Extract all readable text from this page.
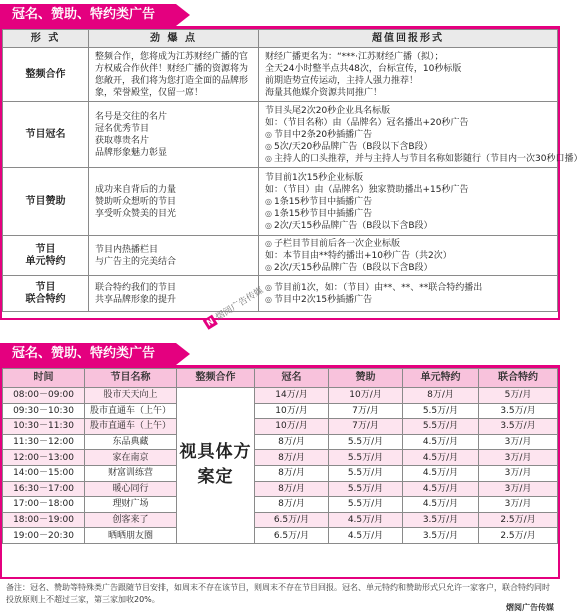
冠名、赞助、特约类广告
形 式	劲 爆 点	超值回报形式
整频合作	整频合作，您将成为江苏财经广播的官
方权威合作伙伴！财经广播的资源将为
您敞开，我们将为您打造全面的品牌形
象，荣誉殿堂，仅留一席！	财经广播更名为：“***·江苏财经广播（拟）；
全天24小时整半点共48次，台标宣传，10秒标版
前期造势宣传运动，主持人强力推荐！
海量其他媒介资源共同推广！

节目冠名	名号是交往的名片
冠名优秀节目
获取尊贵名片
品牌形象魅力彰显	节目头尾2次20秒企业具名标版
如：（节目名称）由（品牌名）冠名播出+20秒广告
◎ 节目中2条20秒插播广告
◎ 5次/天20秒品牌广告（B段以下含B段）
◎ 主持人的口头推荐，并与主持人与节目名称如影随行（节目内一次30秒口播）

节目赞助	成功来自背后的力量
赞助听众想听的节目
享受听众赞美的目光	节目前1次15秒企业标版
如：（节目）由（品牌名）独家赞助播出+15秒广告
◎ 1条15秒节目中插播广告
◎ 1条15秒节目中插播广告
◎ 2次/天15秒品牌广告（B段以下含B段）

节目
单元特约	节目内热播栏目
与广告主的完美结合	◎ 子栏目节目前后各一次企业标版
如：本节目由**特约播出+10秒广告（共2次）
◎ 2次/天15秒品牌广告（B段以下含B段）

节目
联合特约	联合特约我们的节目
共享品牌形象的提升	◎ 节目前1次，如：（节目）由**、**、**联合特约播出
◎ 节目中2次15秒插播广告
冠名、赞助、特约类广告
时间	节目名称	整频合作	冠名	赞助	单元特约	联合特约
08:00－09:00	股市天天向上	视具体方案定	14万/月	10万/月	8万/月	5万/月
09:30－10:30	股市直通车（上午）		10万/月	7万/月	5.5万/月	3.5万/月
10:30－11:30	股市直通车（上午）		10万/月	7万/月	5.5万/月	3.5万/月
11:30－12:00	东品典藏		8万/月	5.5万/月	4.5万/月	3万/月
12:00－13:00	家在南京		8万/月	5.5万/月	4.5万/月	3万/月
14:00－15:00	财富训练营		8万/月	5.5万/月	4.5万/月	3万/月
16:30－17:00	暖心同行		8万/月	5.5万/月	4.5万/月	3万/月
17:00－18:00	理财广场		8万/月	5.5万/月	4.5万/月	3万/月
18:00－19:00	创客来了		6.5万/月	4.5万/月	3.5万/月	2.5万/月
19:00－20:30	晒晒朋友圈		6.5万/月	4.5万/月	3.5万/月	2.5万/月
备注：冠名、赞助等特殊类广告跟随节目安排，如周末不存在该节目，则周末不存在节目回报。冠名、单元特约和赞助形式只允许一家客户，联合特约同时投放原则上不超过三家，第三家加收20%。
熠阅广告传媒
N熠阅广告传媒
